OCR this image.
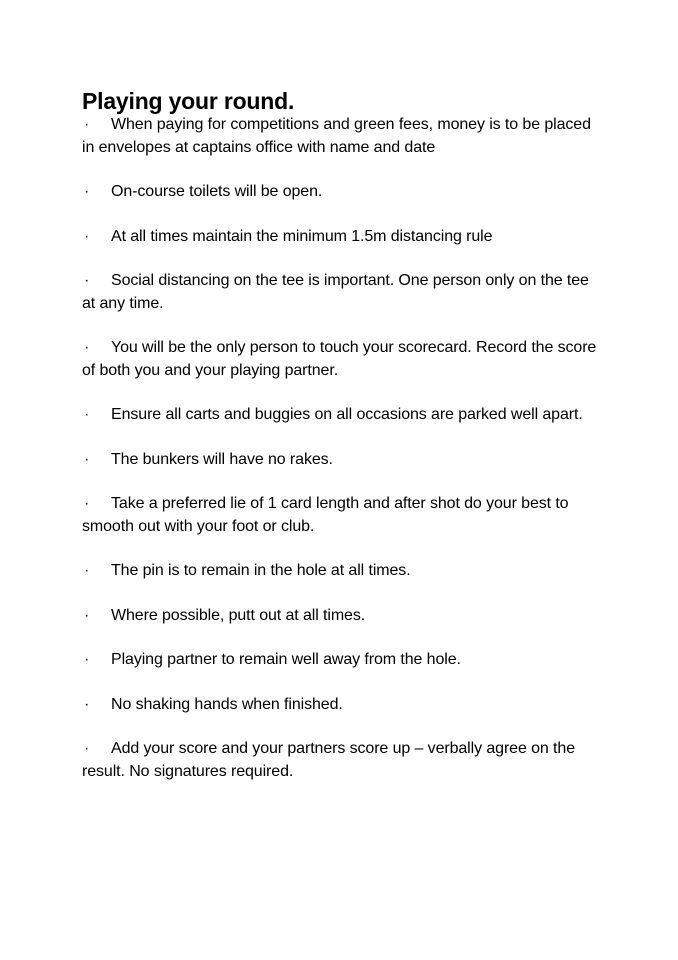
Playing your round.
· When paying for competitions and green fees, money is to be placed in envelopes at captains office with name and date
· On-course toilets will be open.
· At all times maintain the minimum 1.5m distancing rule
· Social distancing on the tee is important. One person only on the tee at any time.
· You will be the only person to touch your scorecard. Record the score of both you and your playing partner.
· Ensure all carts and buggies on all occasions are parked well apart.
· The bunkers will have no rakes.
· Take a preferred lie of 1 card length and after shot do your best to smooth out with your foot or club.
· The pin is to remain in the hole at all times.
· Where possible, putt out at all times.
· Playing partner to remain well away from the hole.
· No shaking hands when finished.
· Add your score and your partners score up – verbally agree on the result. No signatures required.
